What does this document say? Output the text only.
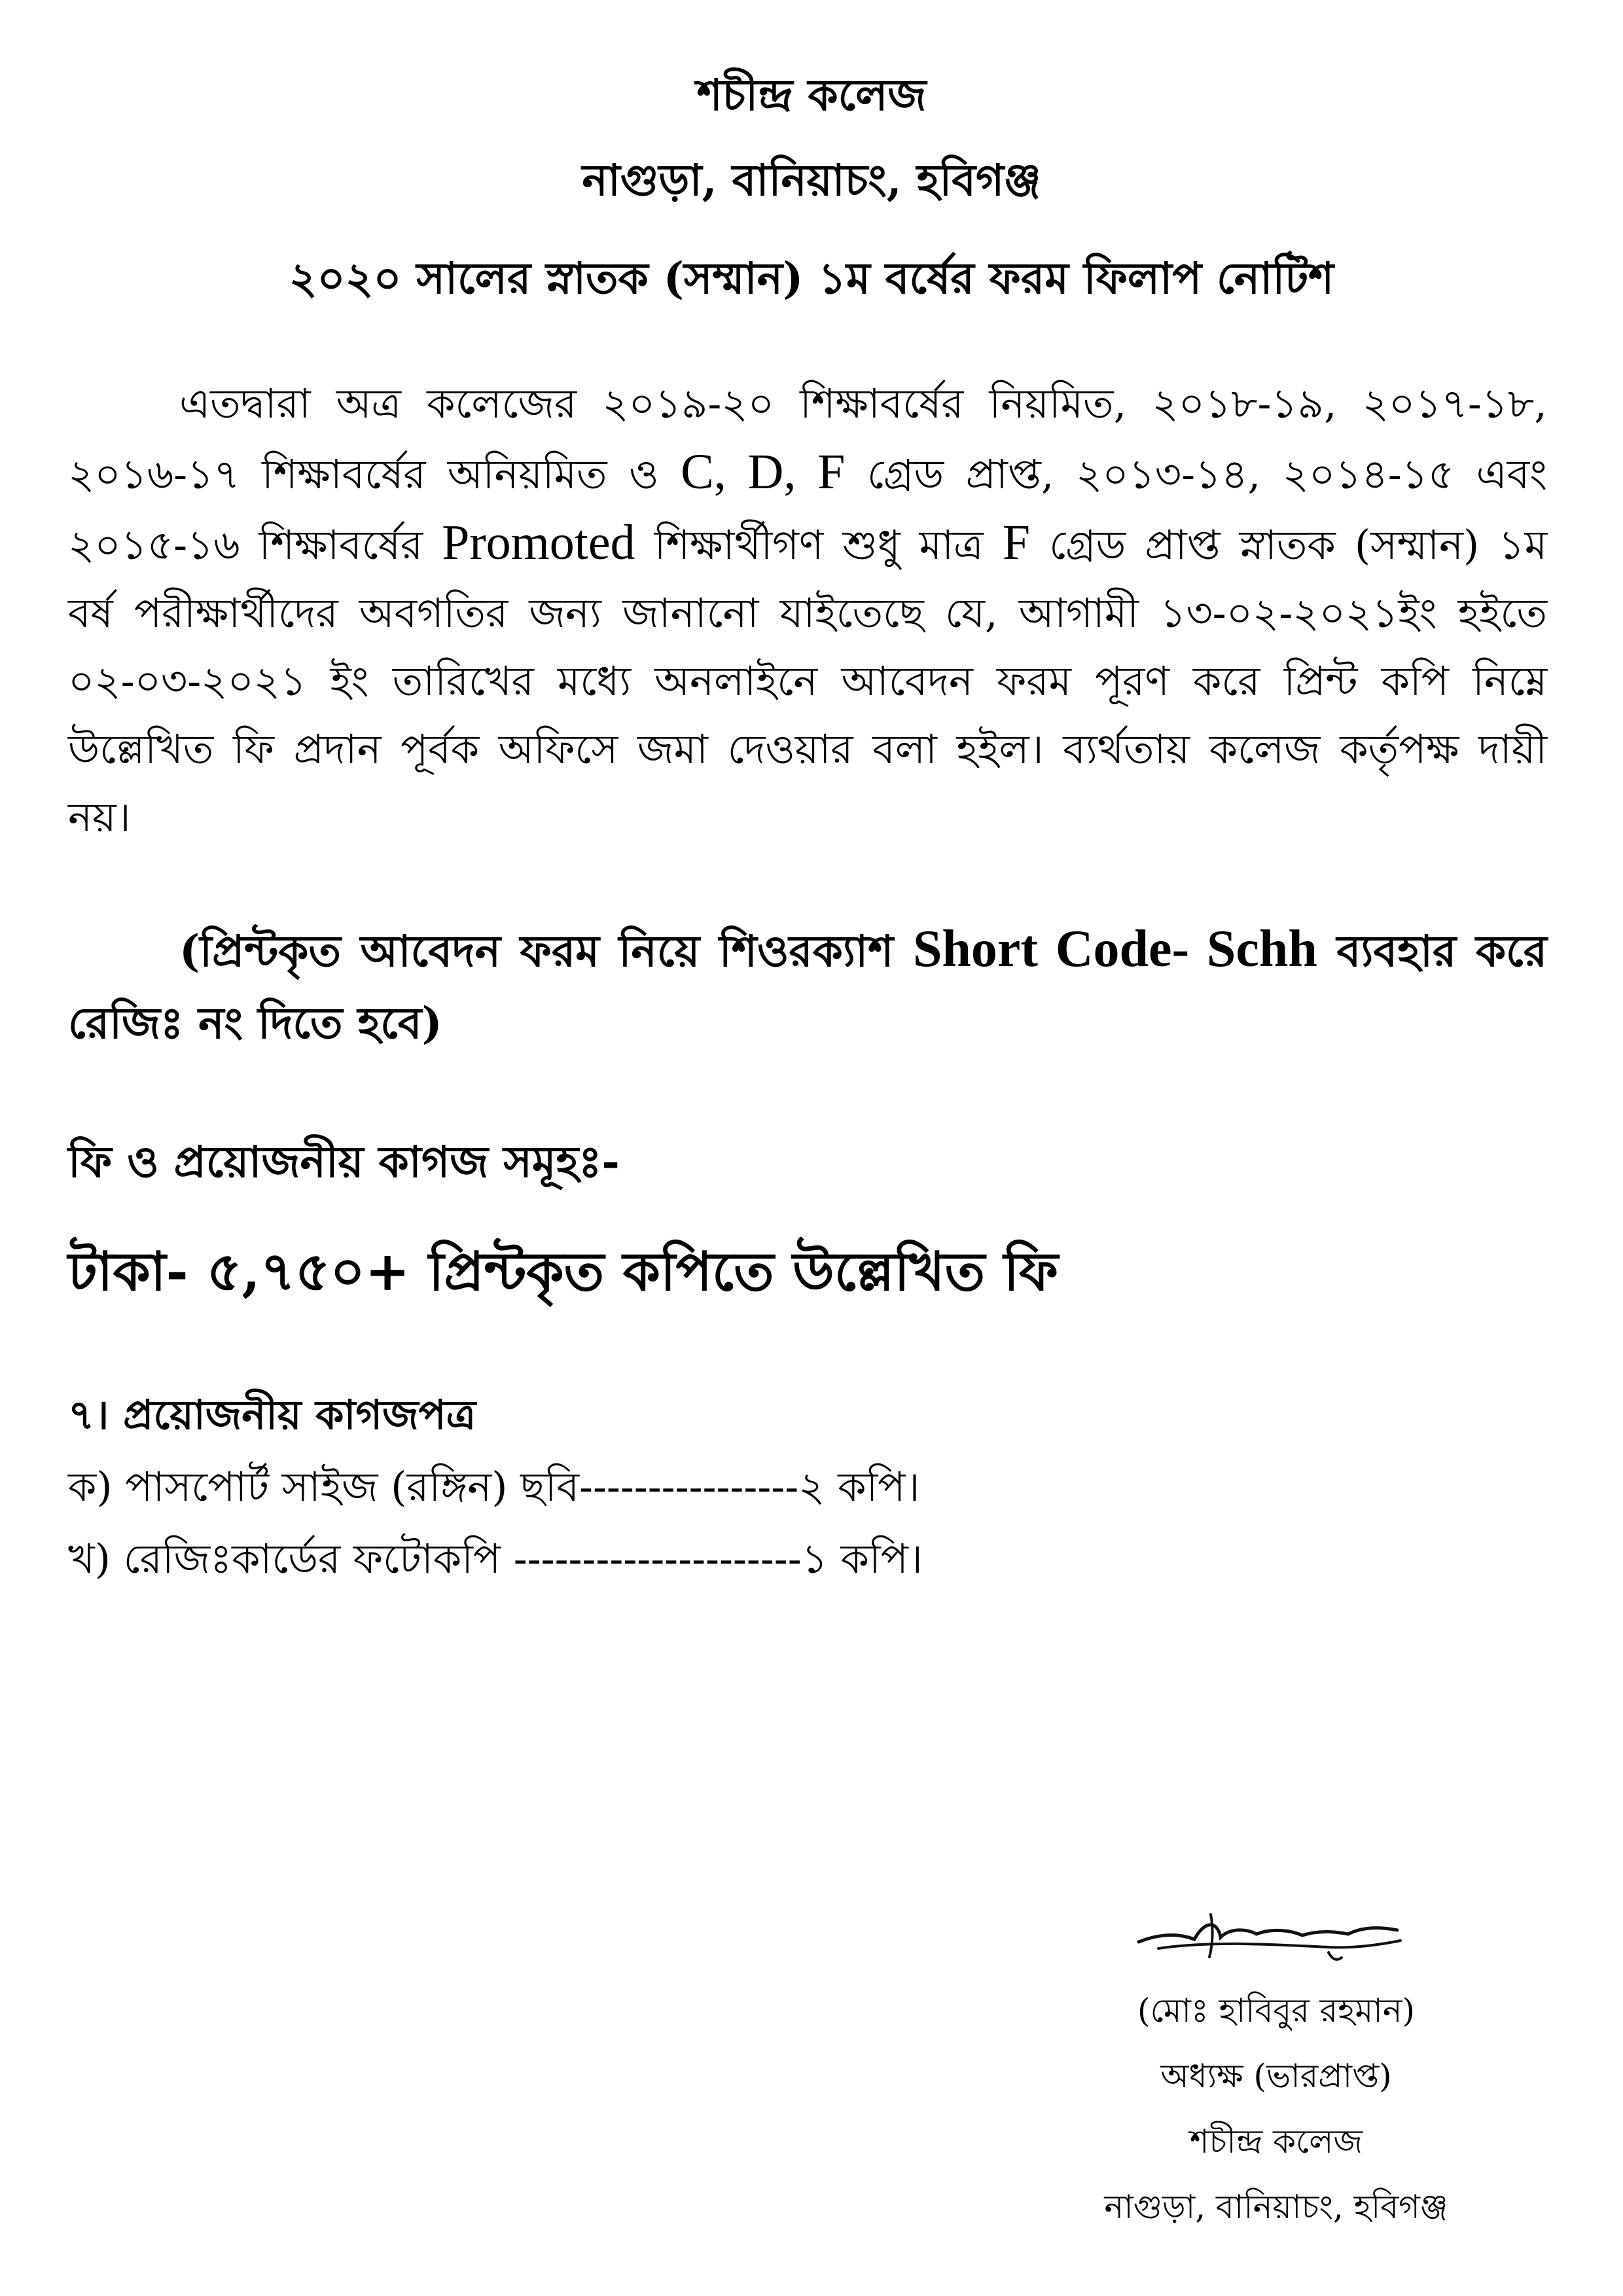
শচীন্দ্র কলেজ
নাগুড়া, বানিয়াচং, হবিগঞ্জ
২০২০ সালের স্নাতক (সম্মান) ১ম বর্ষের ফরম ফিলাপ নোটিশ
এতদ্বারা অত্র কলেজের ২০১৯-২০ শিক্ষাবর্ষের নিয়মিত, ২০১৮-১৯, ২০১৭-১৮, ২০১৬-১৭ শিক্ষাবর্ষের অনিয়মিত ও C, D, F গ্রেড প্রাপ্ত, ২০১৩-১৪, ২০১৪-১৫ এবং ২০১৫-১৬ শিক্ষাবর্ষের Promoted শিক্ষার্থীগণ শুধু মাত্র F গ্রেড প্রাপ্ত স্নাতক (সম্মান) ১ম বর্ষ পরীক্ষার্থীদের অবগতির জন্য জানানো যাইতেছে যে, আগামী ১৩-০২-২০২১ইং হইতে ০২-০৩-২০২১ ইং তারিখের মধ্যে অনলাইনে আবেদন ফরম পূরণ করে প্রিন্ট কপি নিম্নে উল্লেখিত ফি প্রদান পূর্বক অফিসে জমা দেওয়ার বলা হইল। ব্যর্থতায় কলেজ কর্তৃপক্ষ দায়ী নয়।
(প্রিন্টকৃত আবেদন ফরম নিয়ে শিওরক্যাশ Short Code- Schh ব্যবহার করে রেজিঃ নং দিতে হবে)
ফি ও প্রয়োজনীয় কাগজ সমূহঃ-
টাকা- ৫,৭৫০+ প্রিন্টকৃত কপিতে উল্লেখিত ফি
৭। প্রয়োজনীয় কাগজপত্র
ক) পাসপোর্ট সাইজ (রঙ্গিন) ছবি----------------২ কপি।
খ) রেজিঃকার্ডের ফটোকপি ---------------------১ কপি।
(মোঃ হাবিবুর রহমান)
অধ্যক্ষ (ভারপ্রাপ্ত)
শচীন্দ্র কলেজ
নাগুড়া, বানিয়াচং, হবিগঞ্জ
